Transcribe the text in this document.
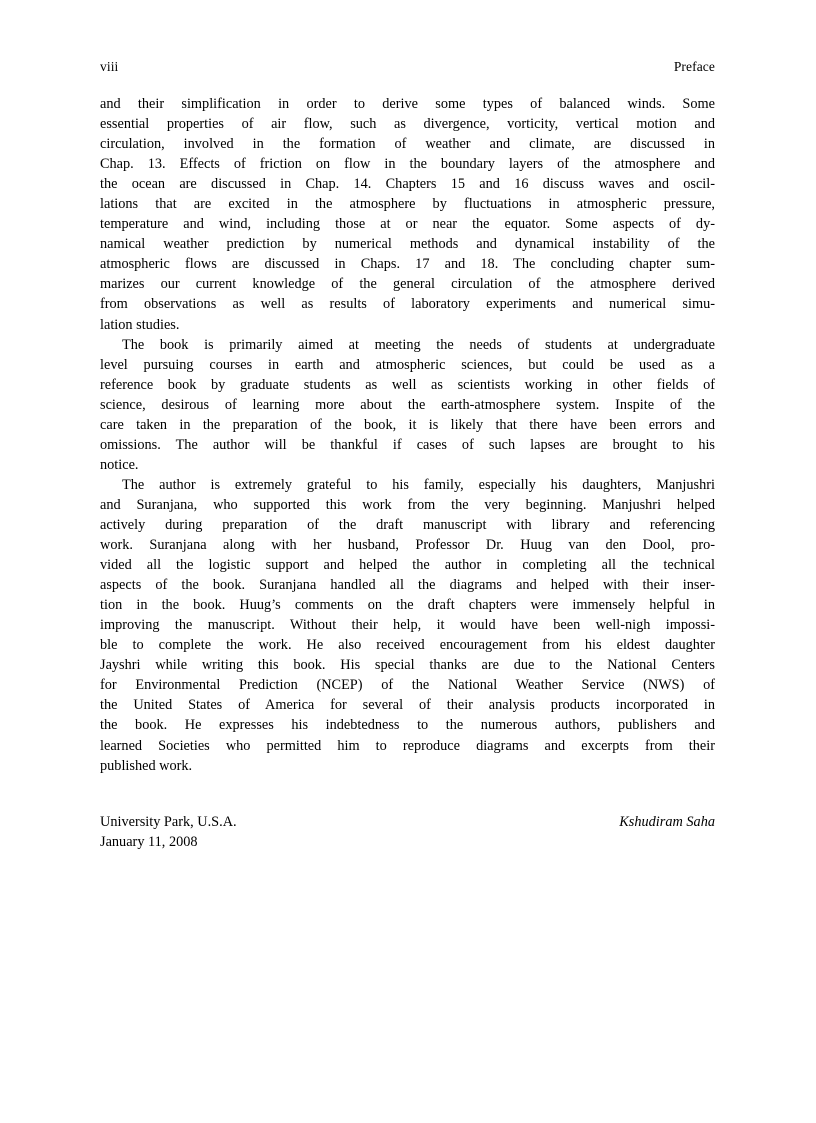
viii	Preface

and their simplification in order to derive some types of balanced winds. Some
essential properties of air flow, such as divergence, vorticity, vertical motion and
circulation, involved in the formation of weather and climate, are discussed in
Chap. 13. Effects of friction on flow in the boundary layers of the atmosphere and
the ocean are discussed in Chap. 14. Chapters 15 and 16 discuss waves and oscil-
lations that are excited in the atmosphere by fluctuations in atmospheric pressure,
temperature and wind, including those at or near the equator. Some aspects of dy-
namical weather prediction by numerical methods and dynamical instability of the
atmospheric flows are discussed in Chaps. 17 and 18. The concluding chapter sum-
marizes our current knowledge of the general circulation of the atmosphere derived
from observations as well as results of laboratory experiments and numerical simu-
lation studies.

The book is primarily aimed at meeting the needs of students at undergraduate
level pursuing courses in earth and atmospheric sciences, but could be used as a
reference book by graduate students as well as scientists working in other fields of
science, desirous of learning more about the earth-atmosphere system. Inspite of the
care taken in the preparation of the book, it is likely that there have been errors and
omissions. The author will be thankful if cases of such lapses are brought to his
notice.

The author is extremely grateful to his family, especially his daughters, Manjushri
and Suranjana, who supported this work from the very beginning. Manjushri helped
actively during preparation of the draft manuscript with library and referencing
work. Suranjana along with her husband, Professor Dr. Huug van den Dool, pro-
vided all the logistic support and helped the author in completing all the technical
aspects of the book. Suranjana handled all the diagrams and helped with their inser-
tion in the book. Huug’s comments on the draft chapters were immensely helpful in
improving the manuscript. Without their help, it would have been well-nigh impossi-
ble to complete the work. He also received encouragement from his eldest daughter
Jayshri while writing this book. His special thanks are due to the National Centers
for Environmental Prediction (NCEP) of the National Weather Service (NWS) of
the United States of America for several of their analysis products incorporated in
the book. He expresses his indebtedness to the numerous authors, publishers and
learned Societies who permitted him to reproduce diagrams and excerpts from their
published work.

University Park, U.S.A.	Kshudiram Saha
January 11, 2008
